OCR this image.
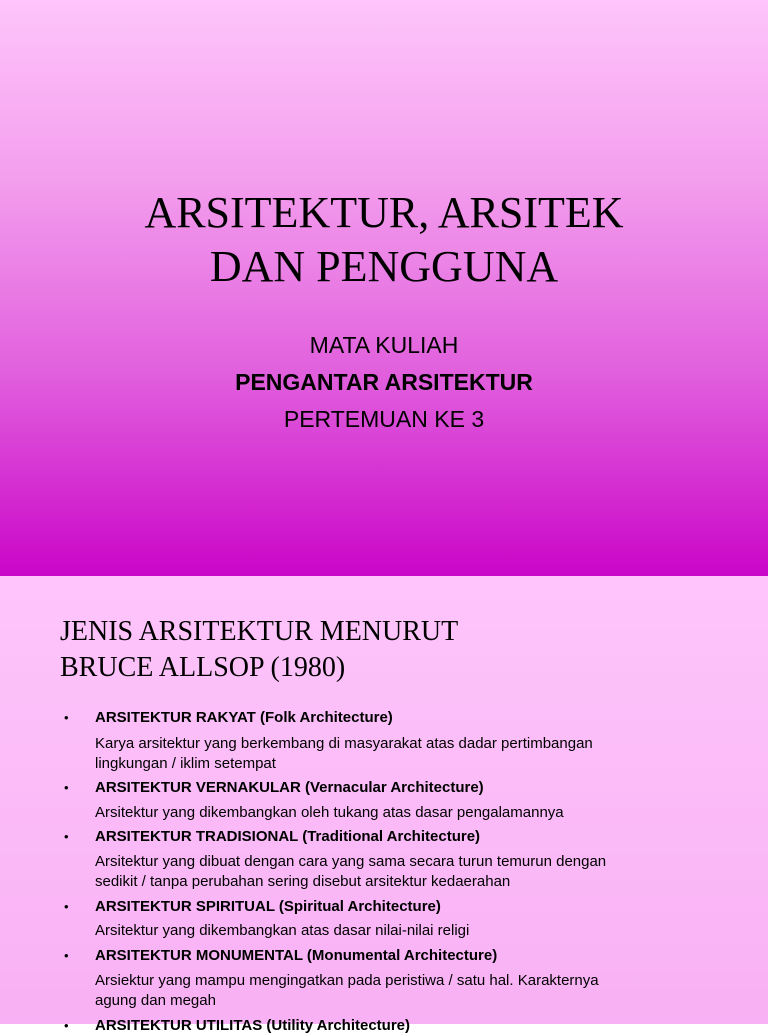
ARSITEKTUR, ARSITEK
DAN PENGGUNA
MATA KULIAH
PENGANTAR ARSITEKTUR
PERTEMUAN KE 3
JENIS ARSITEKTUR MENURUT
BRUCE ALLSOP (1980)
• ARSITEKTUR RAKYAT (Folk Architecture)
Karya arsitektur yang berkembang di masyarakat atas dadar pertimbangan
lingkungan / iklim setempat
• ARSITEKTUR VERNAKULAR (Vernacular Architecture)
Arsitektur yang dikembangkan oleh tukang atas dasar pengalamannya
• ARSITEKTUR TRADISIONAL (Traditional Architecture)
Arsitektur yang dibuat dengan cara yang sama secara turun temurun dengan
sedikit / tanpa perubahan sering disebut arsitektur kedaerahan
• ARSITEKTUR SPIRITUAL (Spiritual Architecture)
Arsitektur yang dikembangkan atas dasar nilai-nilai religi
• ARSITEKTUR MONUMENTAL (Monumental Architecture)
Arsiektur yang mampu mengingatkan pada peristiwa / satu hal. Karakternya
agung dan megah
• ARSITEKTUR UTILITAS (Utility Architecture)
